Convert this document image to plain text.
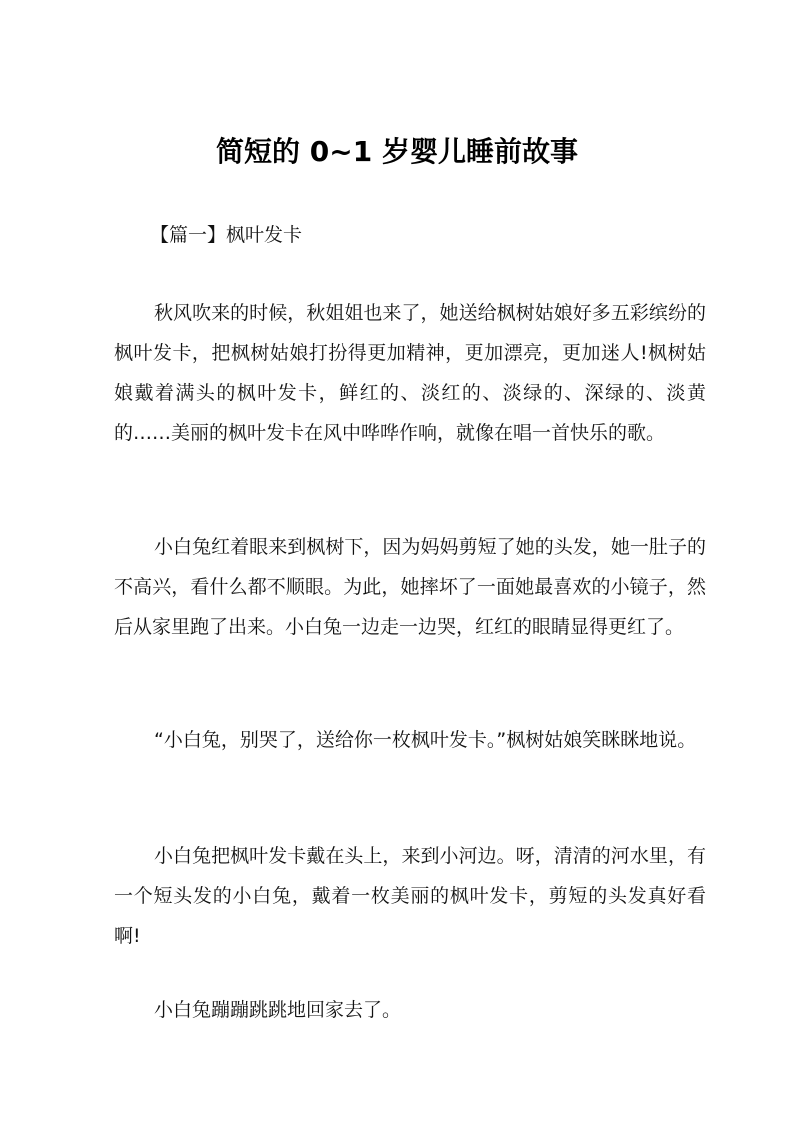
简短的 0~1 岁婴儿睡前故事
【篇一】枫叶发卡

秋风吹来的时候，秋姐姐也来了，她送给枫树姑娘好多五彩缤纷的枫叶发卡，把枫树姑娘打扮得更加精神，更加漂亮，更加迷人!枫树姑娘戴着满头的枫叶发卡，鲜红的、淡红的、淡绿的、深绿的、淡黄的……美丽的枫叶发卡在风中哗哗作响，就像在唱一首快乐的歌。

小白兔红着眼来到枫树下，因为妈妈剪短了她的头发，她一肚子的不高兴，看什么都不顺眼。为此，她摔坏了一面她最喜欢的小镜子，然后从家里跑了出来。小白兔一边走一边哭，红红的眼睛显得更红了。

“小白兔，别哭了，送给你一枚枫叶发卡。”枫树姑娘笑眯眯地说。

小白兔把枫叶发卡戴在头上，来到小河边。呀，清清的河水里，有一个短头发的小白兔，戴着一枚美丽的枫叶发卡，剪短的头发真好看啊!

小白兔蹦蹦跳跳地回家去了。
